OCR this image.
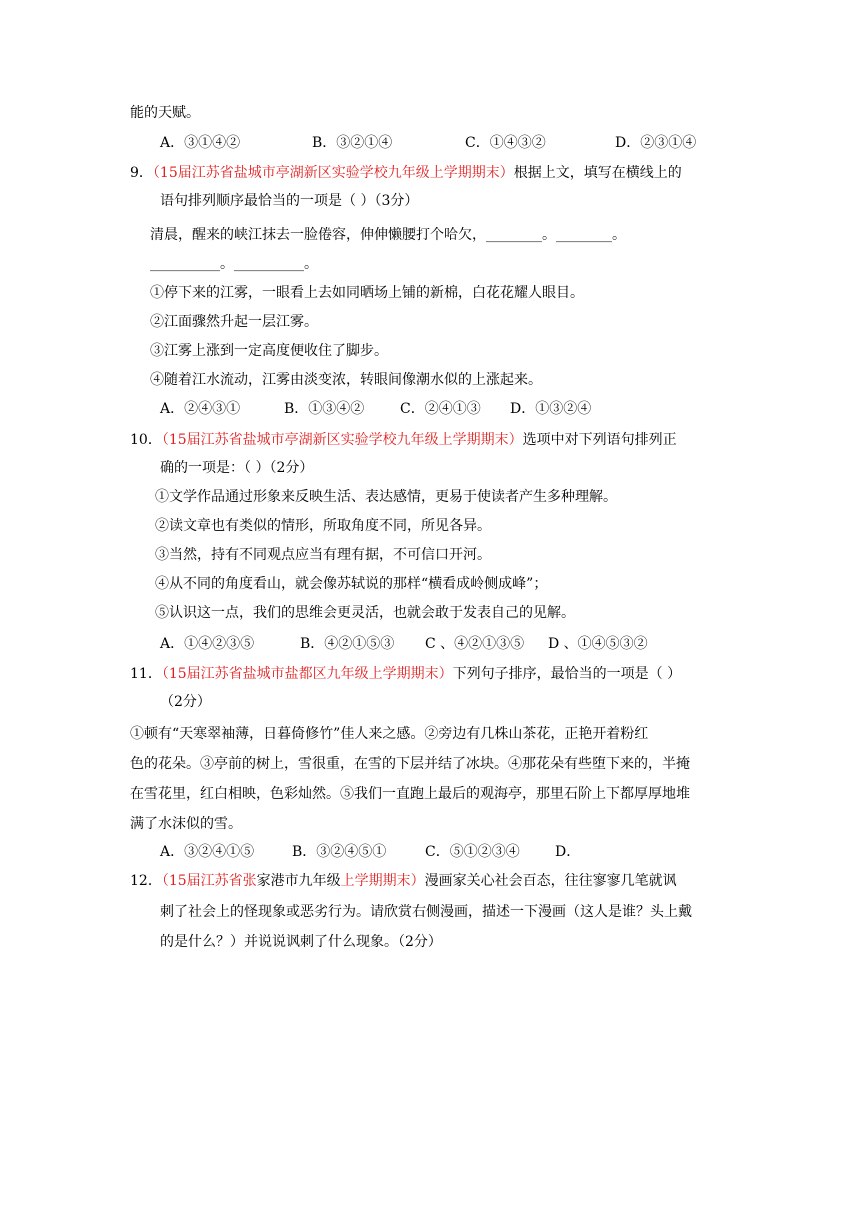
能的天赋。
A．③①④②	B．③②①④	C．①④③②	D．②③①④
9．（15届江苏省盐城市亭湖新区实验学校九年级上学期期末）根据上文，填写在横线上的
语句排列顺序最恰当的一项是（ ）（3分）
清晨，醒来的峡江抹去一脸倦容，伸伸懒腰打个哈欠，________。________。
__________。__________。
①停下来的江雾，一眼看上去如同晒场上铺的新棉，白花花耀人眼目。
②江面骤然升起一层江雾。
③江雾上涨到一定高度便收住了脚步。
④随着江水流动，江雾由淡变浓，转眼间像潮水似的上涨起来。
A．②④③①	B．①③④②	C．②④①③ D．①③②④
10．（15届江苏省盐城市亭湖新区实验学校九年级上学期期末）选项中对下列语句排列正
确的一项是：（ ）（2分）
①文学作品通过形象来反映生活、表达感情，更易于使读者产生多种理解。
②读文章也有类似的情形，所取角度不同，所见各异。
③当然，持有不同观点应当有理有据，不可信口开河。
④从不同的角度看山，就会像苏轼说的那样“横看成岭侧成峰”；
⑤认识这一点，我们的思维会更灵活，也就会敢于发表自己的见解。
A．①④②③⑤	B．④②①⑤③ C 、④②①③⑤ D 、①④⑤③②
11．（15届江苏省盐城市盐都区九年级上学期期末）下列句子排序，最恰当的一项是（ ）
（2分）
①顿有“天寒翠袖薄，日暮倚修竹”佳人来之感。②旁边有几株山茶花，正艳开着粉红
色的花朵。③亭前的树上，雪很重，在雪的下层并结了冰块。④那花朵有些堕下来的，半掩
在雪花里，红白相映，色彩灿然。⑤我们一直跑上最后的观海亭，那里石阶上下都厚厚地堆
满了水沫似的雪。
A．③②④①⑤	B．③②④⑤①	C．⑤①②③④	D．
12．（15届江苏省张家港市九年级上学期期末）漫画家关心社会百态，往往寥寥几笔就讽
刺了社会上的怪现象或恶劣行为。请欣赏右侧漫画，描述一下漫画（这人是谁？头上戴
的是什么？）并说说讽刺了什么现象。（2分）
